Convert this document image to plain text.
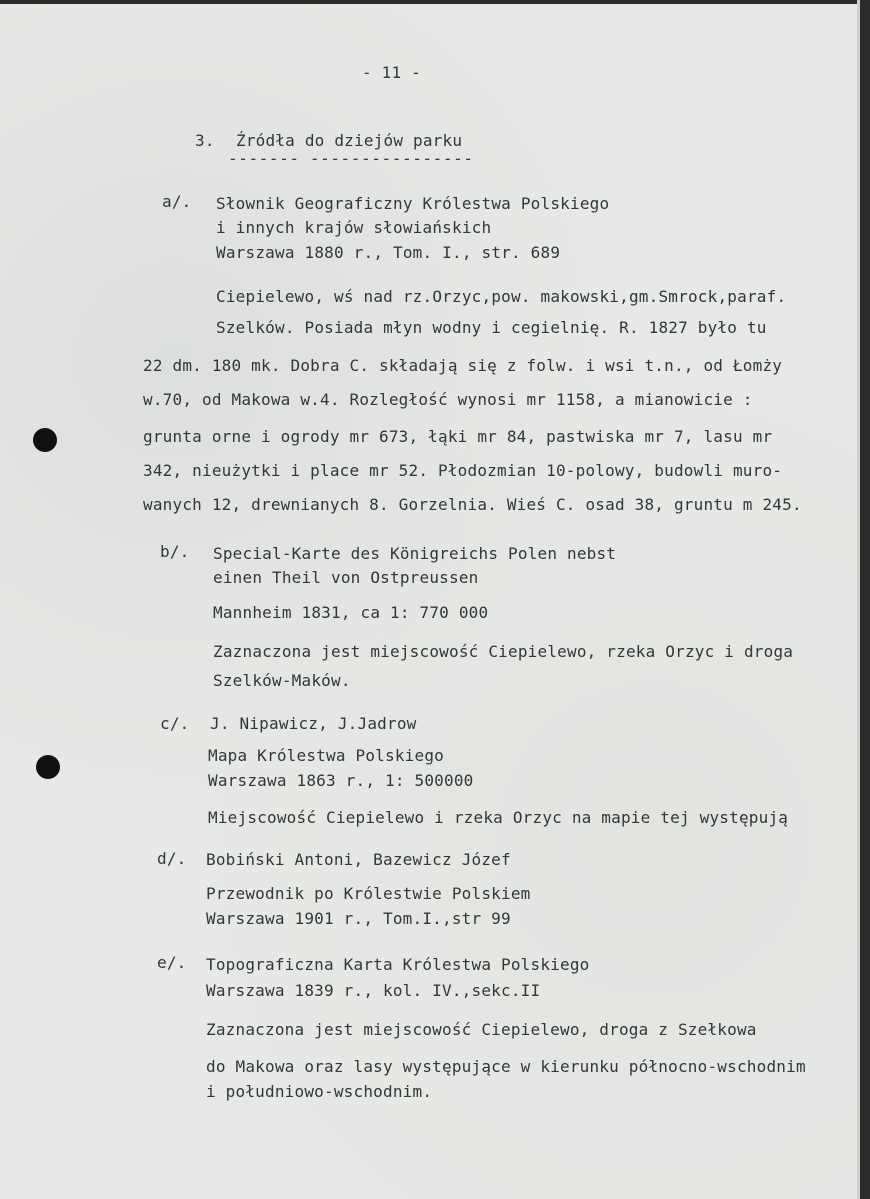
- 11 -
3. Źródła do dziejów parku
------- ----------------
a/. Słownik Geograficzny Królestwa Polskiego
i innych krajów słowiańskich
Warszawa 1880 r., Tom. I., str. 689
Ciepielewo, wś nad rz.Orzyc,pow. makowski,gm.Smrock,paraf.
Szelków. Posiada młyn wodny i cegielnię. R. 1827 było tu
22 dm. 180 mk. Dobra C. składają się z folw. i wsi t.n., od Łomży
w.70, od Makowa w.4. Rozległość wynosi mr 1158, a mianowicie :
grunta orne i ogrody mr 673, łąki mr 84, pastwiska mr 7, lasu mr
342, nieużytki i place mr 52. Płodozmian 10-polowy, budowli muro-
wanych 12, drewnianych 8. Gorzelnia. Wieś C. osad 38, gruntu m 245.
b/. Special-Karte des Königreichs Polen nebst
einen Theil von Ostpreussen
Mannheim 1831, ca 1: 770 000
Zaznaczona jest miejscowość Ciepielewo, rzeka Orzyc i droga
Szelków-Maków.
c/. J. Nipawicz, J.Jadrow
Mapa Królestwa Polskiego
Warszawa 1863 r., 1: 500000
Miejscowość Ciepielewo i rzeka Orzyc na mapie tej występują
d/. Bobiński Antoni, Bazewicz Józef
Przewodnik po Królestwie Polskiem
Warszawa 1901 r., Tom.I.,str 99
e/. Topograficzna Karta Królestwa Polskiego
Warszawa 1839 r., kol. IV.,sekc.II
Zaznaczona jest miejscowość Ciepielewo, droga z Szełkowa
do Makowa oraz lasy występujące w kierunku północno-wschodnim
i południowo-wschodnim.
